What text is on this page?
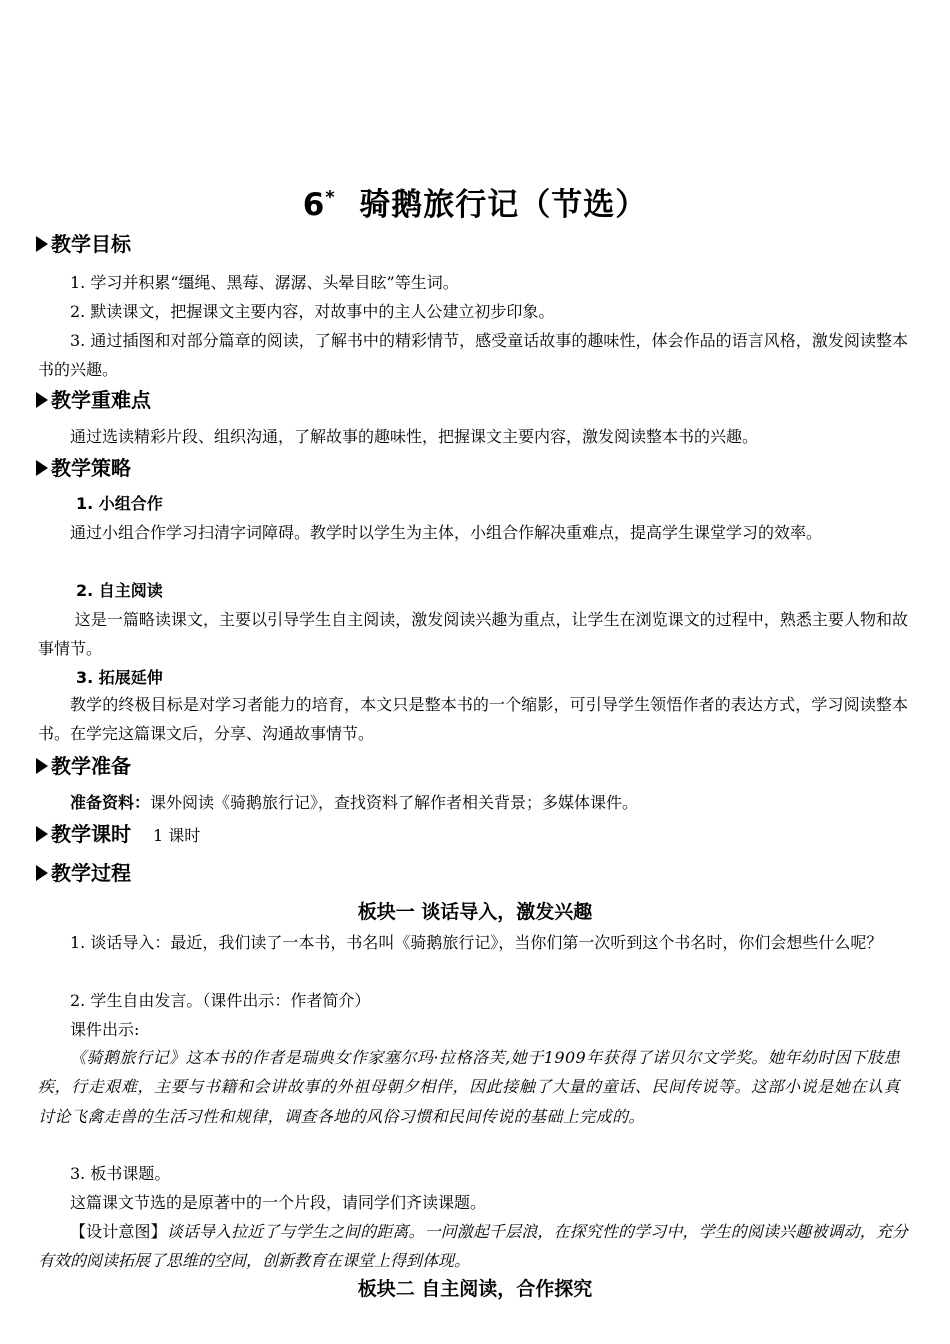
6* 骑鹅旅行记（节选）
教学目标
1. 学习并积累“缰绳、黑莓、潺潺、头晕目眩”等生词。
2. 默读课文，把握课文主要内容，对故事中的主人公建立初步印象。
3. 通过插图和对部分篇章的阅读，了解书中的精彩情节，感受童话故事的趣味性，体会作品的语言风格，激发阅读整本书的兴趣。
教学重难点
通过选读精彩片段、组织沟通，了解故事的趣味性，把握课文主要内容，激发阅读整本书的兴趣。
教学策略
1. 小组合作
通过小组合作学习扫清字词障碍。教学时以学生为主体，小组合作解决重难点，提高学生课堂学习的效率。
2. 自主阅读
这是一篇略读课文，主要以引导学生自主阅读，激发阅读兴趣为重点，让学生在浏览课文的过程中，熟悉主要人物和故事情节。
3. 拓展延伸
教学的终极目标是对学习者能力的培育，本文只是整本书的一个缩影，可引导学生领悟作者的表达方式，学习阅读整本书。在学完这篇课文后，分享、沟通故事情节。
教学准备
准备资料：课外阅读《骑鹅旅行记》，查找资料了解作者相关背景；多媒体课件。
教学课时 1 课时
教学过程
板块一 谈话导入，激发兴趣
1. 谈话导入：最近，我们读了一本书，书名叫《骑鹅旅行记》，当你们第一次听到这个书名时，你们会想些什么呢？
2. 学生自由发言。（课件出示：作者简介）
课件出示:
《骑鹅旅行记》这本书的作者是瑞典女作家塞尔玛·拉格洛芙,她于1909年获得了诺贝尔文学奖。她年幼时因下肢患疾，行走艰难，主要与书籍和会讲故事的外祖母朝夕相伴，因此接触了大量的童话、民间传说等。这部小说是她在认真讨论飞禽走兽的生活习性和规律，调查各地的风俗习惯和民间传说的基础上完成的。
3. 板书课题。
这篇课文节选的是原著中的一个片段，请同学们齐读课题。
【设计意图】谈话导入拉近了与学生之间的距离。一问激起千层浪，在探究性的学习中，学生的阅读兴趣被调动，充分有效的阅读拓展了思维的空间，创新教育在课堂上得到体现。
板块二 自主阅读，合作探究
